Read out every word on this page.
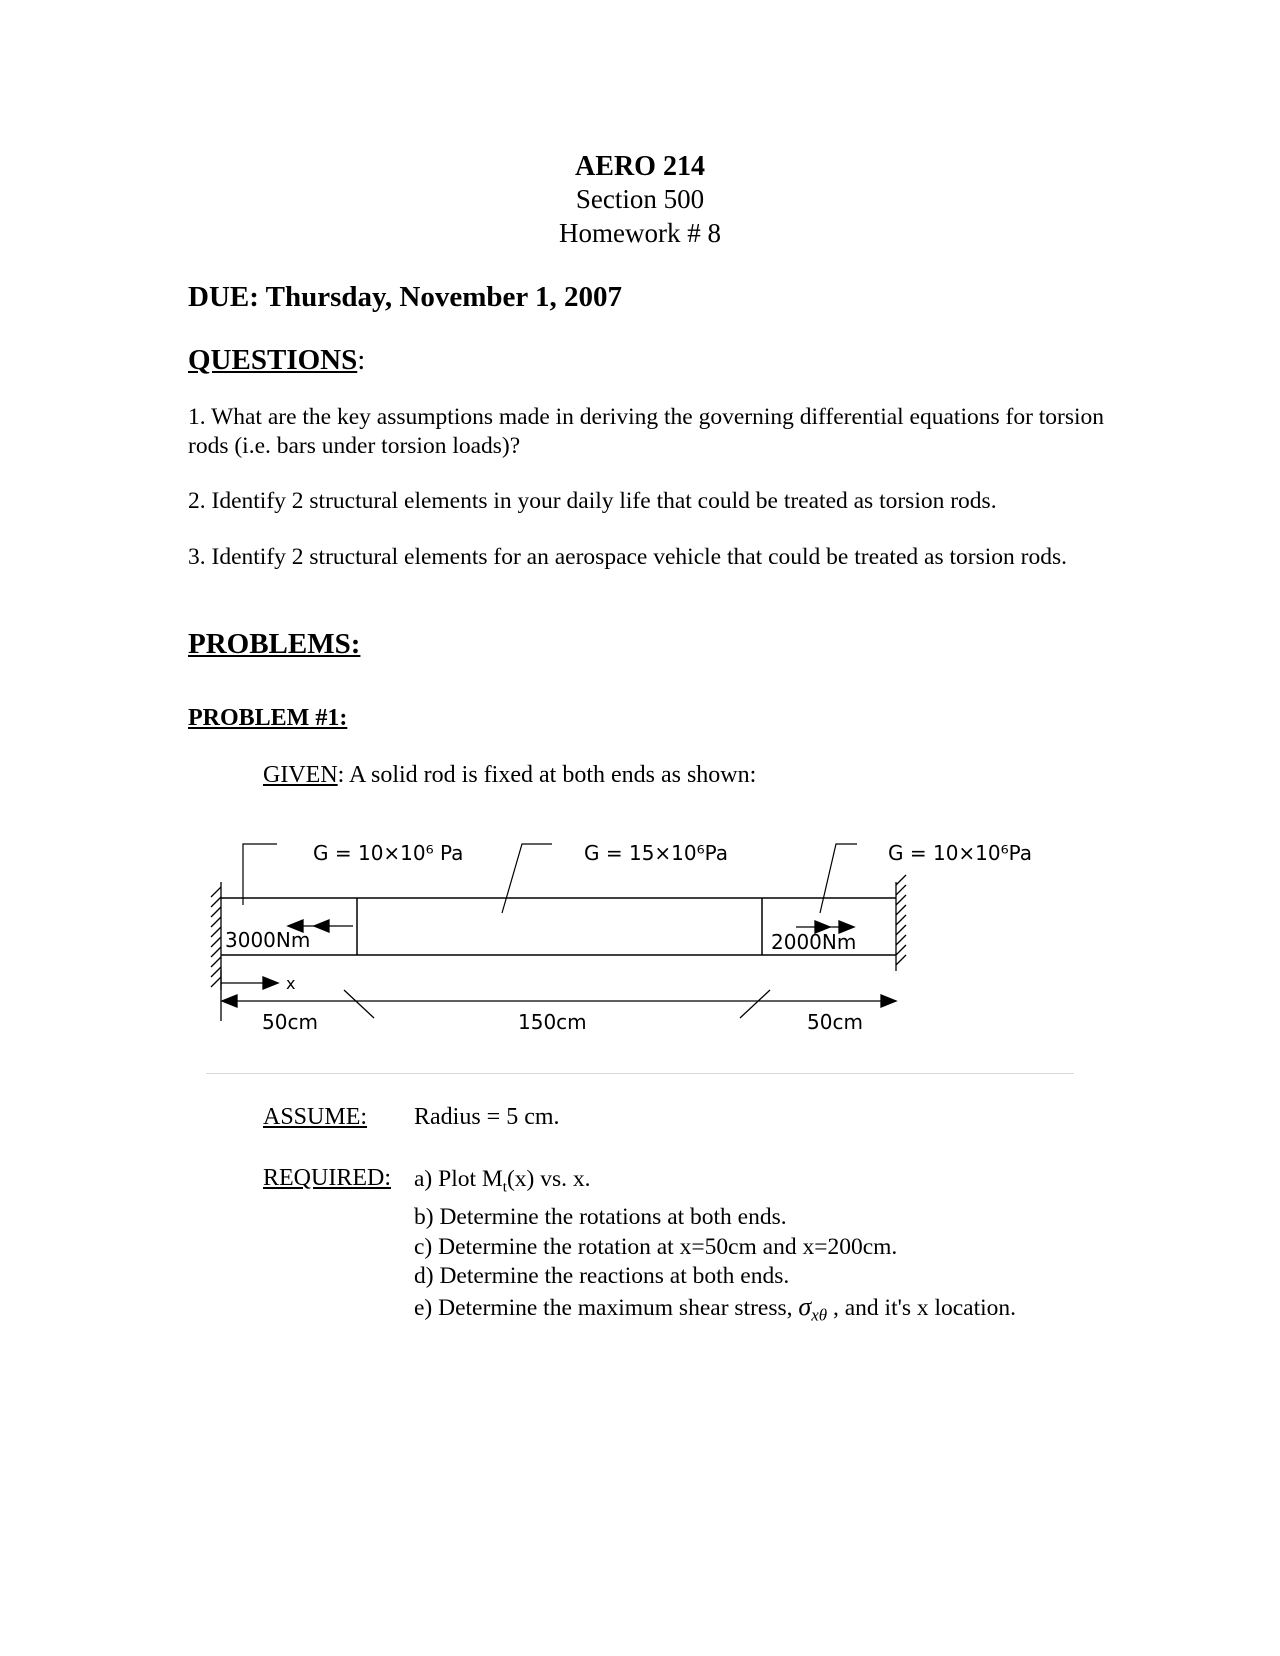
AERO 214
Section 500
Homework # 8
DUE: Thursday, November 1, 2007
QUESTIONS:
1. What are the key assumptions made in deriving the governing differential equations for torsion rods (i.e. bars under torsion loads)?
2. Identify 2 structural elements in your daily life that could be treated as torsion rods.
3. Identify 2 structural elements for an aerospace vehicle that could be treated as torsion rods.
PROBLEMS:
PROBLEM #1:
GIVEN: A solid rod is fixed at both ends as shown:
G = 10×10⁶ Pa	G = 15×10⁶Pa	G = 10×10⁶Pa
3000Nm	2000Nm
x
50cm	150cm	50cm
ASSUME: Radius = 5 cm.
REQUIRED: a) Plot $M_t(x)$ vs. x.
b) Determine the rotations at both ends.
c) Determine the rotation at x=50cm and x=200cm.
d) Determine the reactions at both ends.
e) Determine the maximum shear stress, $\sigma_{x\theta}$ , and it's x location.
